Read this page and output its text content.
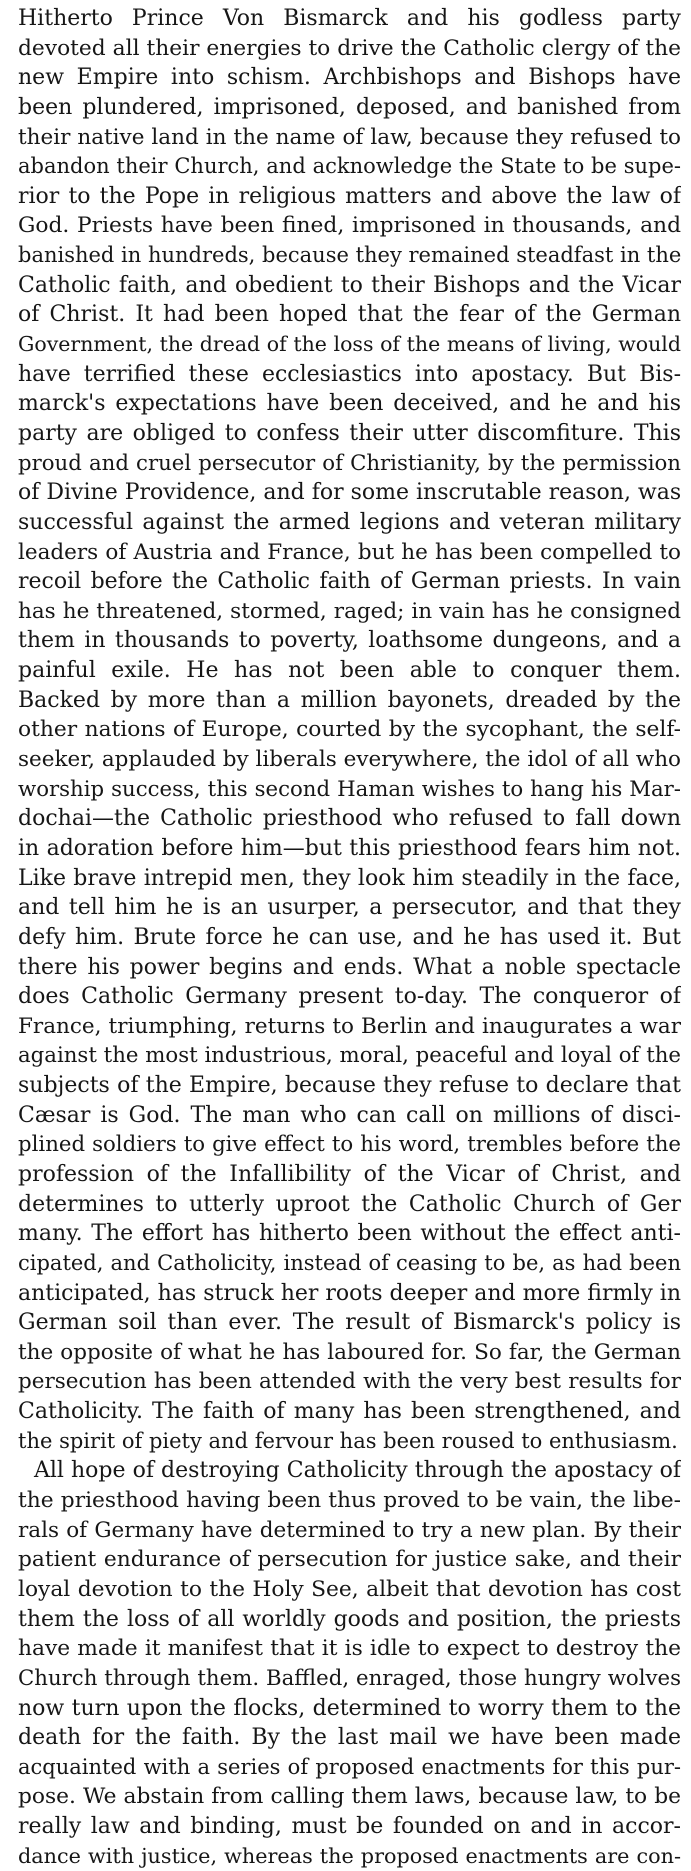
Hitherto Prince Von Bismarck and his godless party
devoted all their energies to drive the Catholic clergy of the
new Empire into schism. Archbishops and Bishops have
been plundered, imprisoned, deposed, and banished from
their native land in the name of law, because they refused to
abandon their Church, and acknowledge the State to be supe-
rior to the Pope in religious matters and above the law of
God. Priests have been fined, imprisoned in thousands, and
banished in hundreds, because they remained steadfast in the
Catholic faith, and obedient to their Bishops and the Vicar
of Christ. It had been hoped that the fear of the German
Government, the dread of the loss of the means of living, would
have terrified these ecclesiastics into apostacy. But Bis-
marck's expectations have been deceived, and he and his
party are obliged to confess their utter discomfiture. This
proud and cruel persecutor of Christianity, by the permission
of Divine Providence, and for some inscrutable reason, was
successful against the armed legions and veteran military
leaders of Austria and France, but he has been compelled to
recoil before the Catholic faith of German priests. In vain
has he threatened, stormed, raged; in vain has he consigned
them in thousands to poverty, loathsome dungeons, and a
painful exile. He has not been able to conquer them.
Backed by more than a million bayonets, dreaded by the
other nations of Europe, courted by the sycophant, the self-
seeker, applauded by liberals everywhere, the idol of all who
worship success, this second Haman wishes to hang his Mar-
dochai—the Catholic priesthood who refused to fall down
in adoration before him—but this priesthood fears him not.
Like brave intrepid men, they look him steadily in the face,
and tell him he is an usurper, a persecutor, and that they
defy him. Brute force he can use, and he has used it. But
there his power begins and ends. What a noble spectacle
does Catholic Germany present to-day. The conqueror of
France, triumphing, returns to Berlin and inaugurates a war
against the most industrious, moral, peaceful and loyal of the
subjects of the Empire, because they refuse to declare that
Cæsar is God. The man who can call on millions of disci-
plined soldiers to give effect to his word, trembles before the
profession of the Infallibility of the Vicar of Christ, and
determines to utterly uproot the Catholic Church of Ger
many. The effort has hitherto been without the effect anti-
cipated, and Catholicity, instead of ceasing to be, as had been
anticipated, has struck her roots deeper and more firmly in
German soil than ever. The result of Bismarck's policy is
the opposite of what he has laboured for. So far, the German
persecution has been attended with the very best results for
Catholicity. The faith of many has been strengthened, and
the spirit of piety and fervour has been roused to enthusiasm.
All hope of destroying Catholicity through the apostacy of
the priesthood having been thus proved to be vain, the libe-
rals of Germany have determined to try a new plan. By their
patient endurance of persecution for justice sake, and their
loyal devotion to the Holy See, albeit that devotion has cost
them the loss of all worldly goods and position, the priests
have made it manifest that it is idle to expect to destroy the
Church through them. Baffled, enraged, those hungry wolves
now turn upon the flocks, determined to worry them to the
death for the faith. By the last mail we have been made
acquainted with a series of proposed enactments for this pur-
pose. We abstain from calling them laws, because law, to be
really law and binding, must be founded on and in accor-
dance with justice, whereas the proposed enactments are con-
